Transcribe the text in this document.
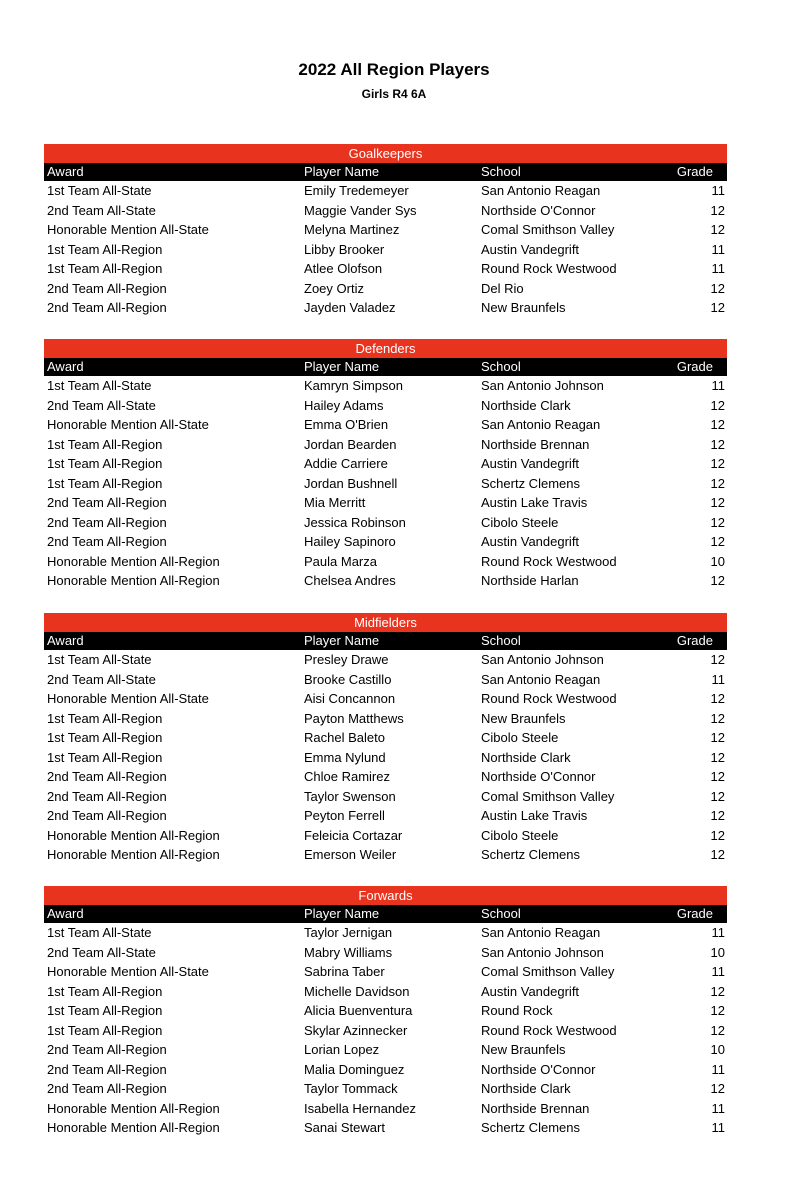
2022 All Region Players
Girls R4 6A
Goalkeepers
Award	Player Name	School	Grade
1st Team All-State	Emily Tredemeyer	San Antonio Reagan	11
2nd Team All-State	Maggie Vander Sys	Northside O'Connor	12
Honorable Mention All-State	Melyna Martinez	Comal Smithson Valley	12
1st Team All-Region	Libby Brooker	Austin Vandegrift	11
1st Team All-Region	Atlee Olofson	Round Rock Westwood	11
2nd Team All-Region	Zoey Ortiz	Del Rio	12
2nd Team All-Region	Jayden Valadez	New Braunfels	12
Defenders
Award	Player Name	School	Grade
1st Team All-State	Kamryn Simpson	San Antonio Johnson	11
2nd Team All-State	Hailey Adams	Northside Clark	12
Honorable Mention All-State	Emma O'Brien	San Antonio Reagan	12
1st Team All-Region	Jordan Bearden	Northside Brennan	12
1st Team All-Region	Addie Carriere	Austin Vandegrift	12
1st Team All-Region	Jordan Bushnell	Schertz Clemens	12
2nd Team All-Region	Mia Merritt	Austin Lake Travis	12
2nd Team All-Region	Jessica Robinson	Cibolo Steele	12
2nd Team All-Region	Hailey Sapinoro	Austin Vandegrift	12
Honorable Mention All-Region	Paula Marza	Round Rock Westwood	10
Honorable Mention All-Region	Chelsea Andres	Northside Harlan	12
Midfielders
Award	Player Name	School	Grade
1st Team All-State	Presley Drawe	San Antonio Johnson	12
2nd Team All-State	Brooke Castillo	San Antonio Reagan	11
Honorable Mention All-State	Aisi Concannon	Round Rock Westwood	12
1st Team All-Region	Payton Matthews	New Braunfels	12
1st Team All-Region	Rachel Baleto	Cibolo Steele	12
1st Team All-Region	Emma Nylund	Northside Clark	12
2nd Team All-Region	Chloe Ramirez	Northside O'Connor	12
2nd Team All-Region	Taylor Swenson	Comal Smithson Valley	12
2nd Team All-Region	Peyton Ferrell	Austin Lake Travis	12
Honorable Mention All-Region	Feleicia Cortazar	Cibolo Steele	12
Honorable Mention All-Region	Emerson Weiler	Schertz Clemens	12
Forwards
Award	Player Name	School	Grade
1st Team All-State	Taylor Jernigan	San Antonio Reagan	11
2nd Team All-State	Mabry Williams	San Antonio Johnson	10
Honorable Mention All-State	Sabrina Taber	Comal Smithson Valley	11
1st Team All-Region	Michelle Davidson	Austin Vandegrift	12
1st Team All-Region	Alicia Buenventura	Round Rock	12
1st Team All-Region	Skylar Azinnecker	Round Rock Westwood	12
2nd Team All-Region	Lorian Lopez	New Braunfels	10
2nd Team All-Region	Malia Dominguez	Northside O'Connor	11
2nd Team All-Region	Taylor Tommack	Northside Clark	12
Honorable Mention All-Region	Isabella Hernandez	Northside Brennan	11
Honorable Mention All-Region	Sanai Stewart	Schertz Clemens	11
